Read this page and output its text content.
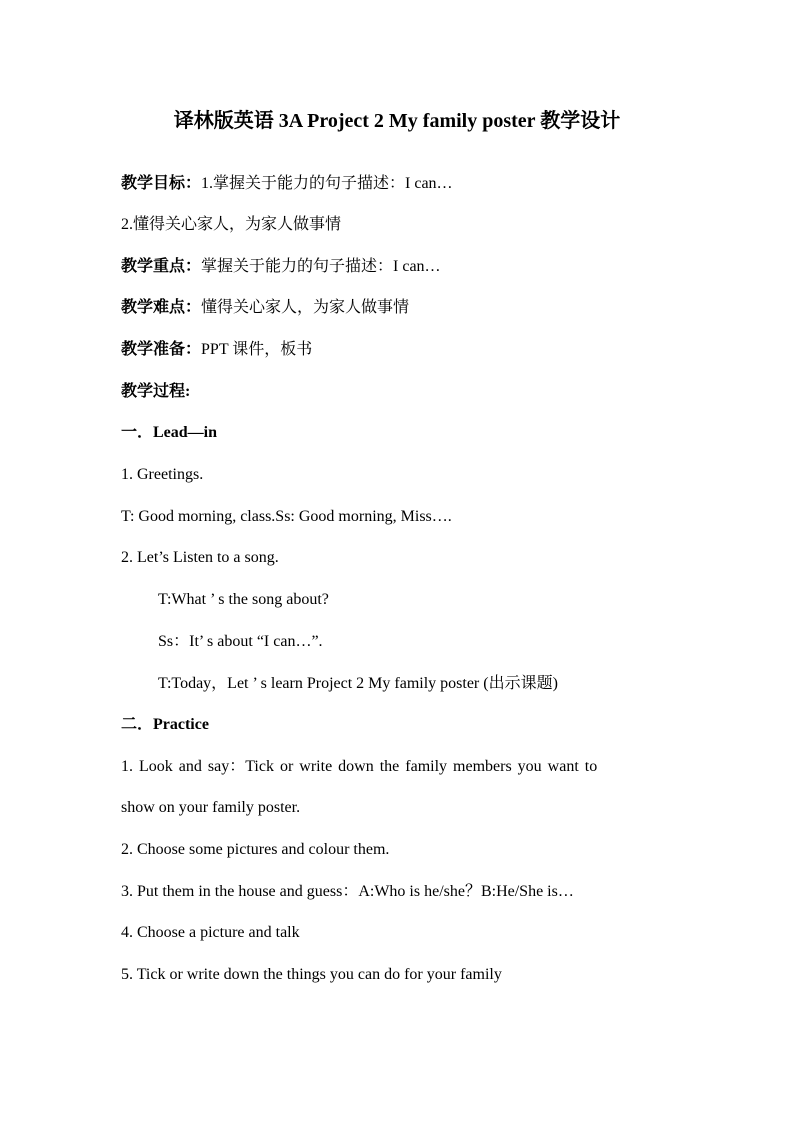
译林版英语 3A Project 2 My family poster 教学设计
教学目标：1.掌握关于能力的句子描述：I can…
2.懂得关心家人，为家人做事情
教学重点：掌握关于能力的句子描述：I can…
教学难点：懂得关心家人，为家人做事情
教学准备：PPT 课件，板书
教学过程:
一．Lead—in
1. Greetings.
T: Good morning, class.Ss: Good morning, Miss….
2. Let’s Listen to a song.
T:What ’ s the song about?
Ss：It’ s about “I can…”.
T:Today，Let ’ s learn Project 2 My family poster (出示课题)
二．Practice
1. Look and say：Tick or write down the family members you want to
show on your family poster.
2. Choose some pictures and colour them.
3. Put them in the house and guess：A:Who is he/she？B:He/She is…
4. Choose a picture and talk
5. Tick or write down the things you can do for your family
